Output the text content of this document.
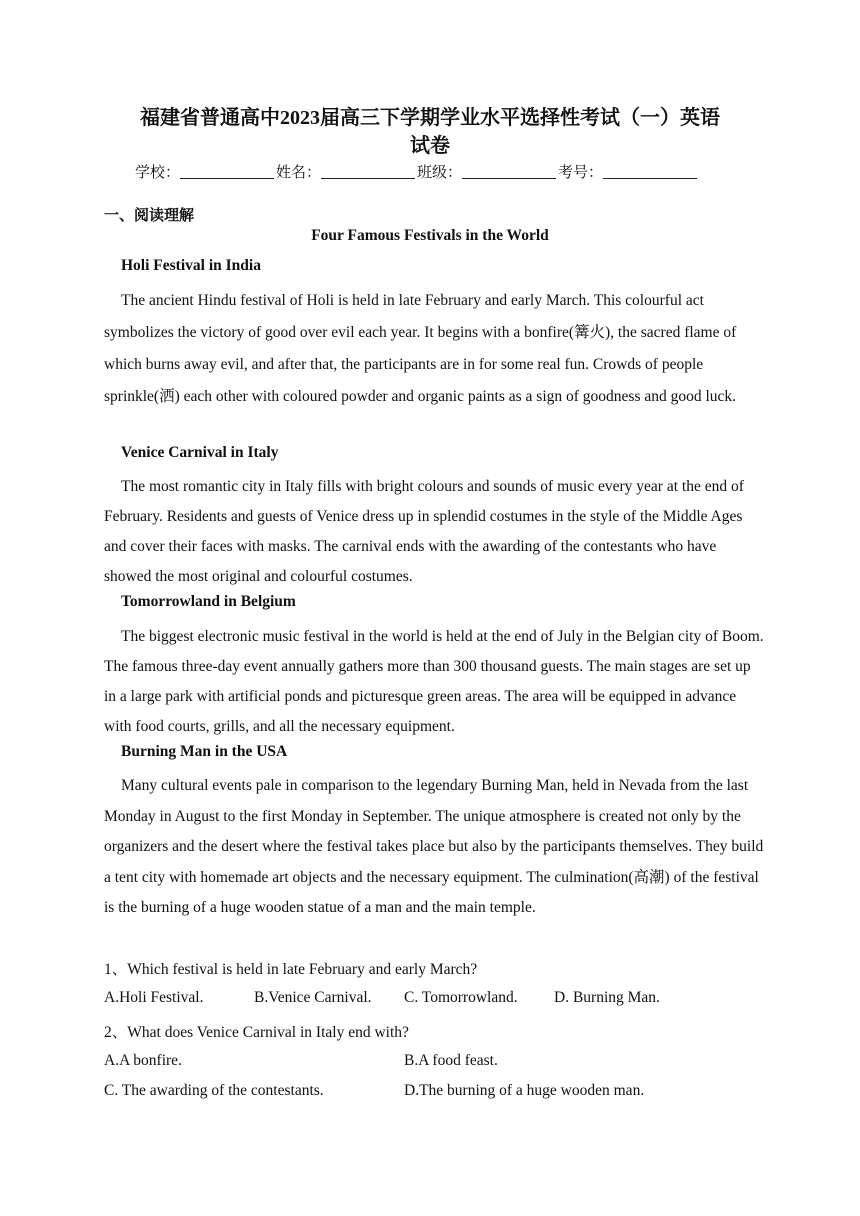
福建省普通高中2023届高三下学期学业水平选择性考试（一）英语
试卷
学校：	姓名：	班级：	考号：
一、阅读理解
Four Famous Festivals in the World
Holi Festival in India
The ancient Hindu festival of Holi is held in late February and early March. This colourful act symbolizes the victory of good over evil each year. It begins with a bonfire(篝火), the sacred flame of which burns away evil, and after that, the participants are in for some real fun. Crowds of people sprinkle(洒) each other with coloured powder and organic paints as a sign of goodness and good luck.
Venice Carnival in Italy
The most romantic city in Italy fills with bright colours and sounds of music every year at the end of February. Residents and guests of Venice dress up in splendid costumes in the style of the Middle Ages and cover their faces with masks. The carnival ends with the awarding of the contestants who have showed the most original and colourful costumes.
Tomorrowland in Belgium
The biggest electronic music festival in the world is held at the end of July in the Belgian city of Boom. The famous three-day event annually gathers more than 300 thousand guests. The main stages are set up in a large park with artificial ponds and picturesque green areas. The area will be equipped in advance with food courts, grills, and all the necessary equipment.
Burning Man in the USA
Many cultural events pale in comparison to the legendary Burning Man, held in Nevada from the last Monday in August to the first Monday in September. The unique atmosphere is created not only by the organizers and the desert where the festival takes place but also by the participants themselves. They build a tent city with homemade art objects and the necessary equipment. The culmination(高潮) of the festival is the burning of a huge wooden statue of a man and the main temple.
1、Which festival is held in late February and early March?
A.Holi Festival.	B.Venice Carnival. C. Tomorrowland. D. Burning Man.
2、What does Venice Carnival in Italy end with?
A.A bonfire.	B.A food feast.
C. The awarding of the contestants.	D.The burning of a huge wooden man.
